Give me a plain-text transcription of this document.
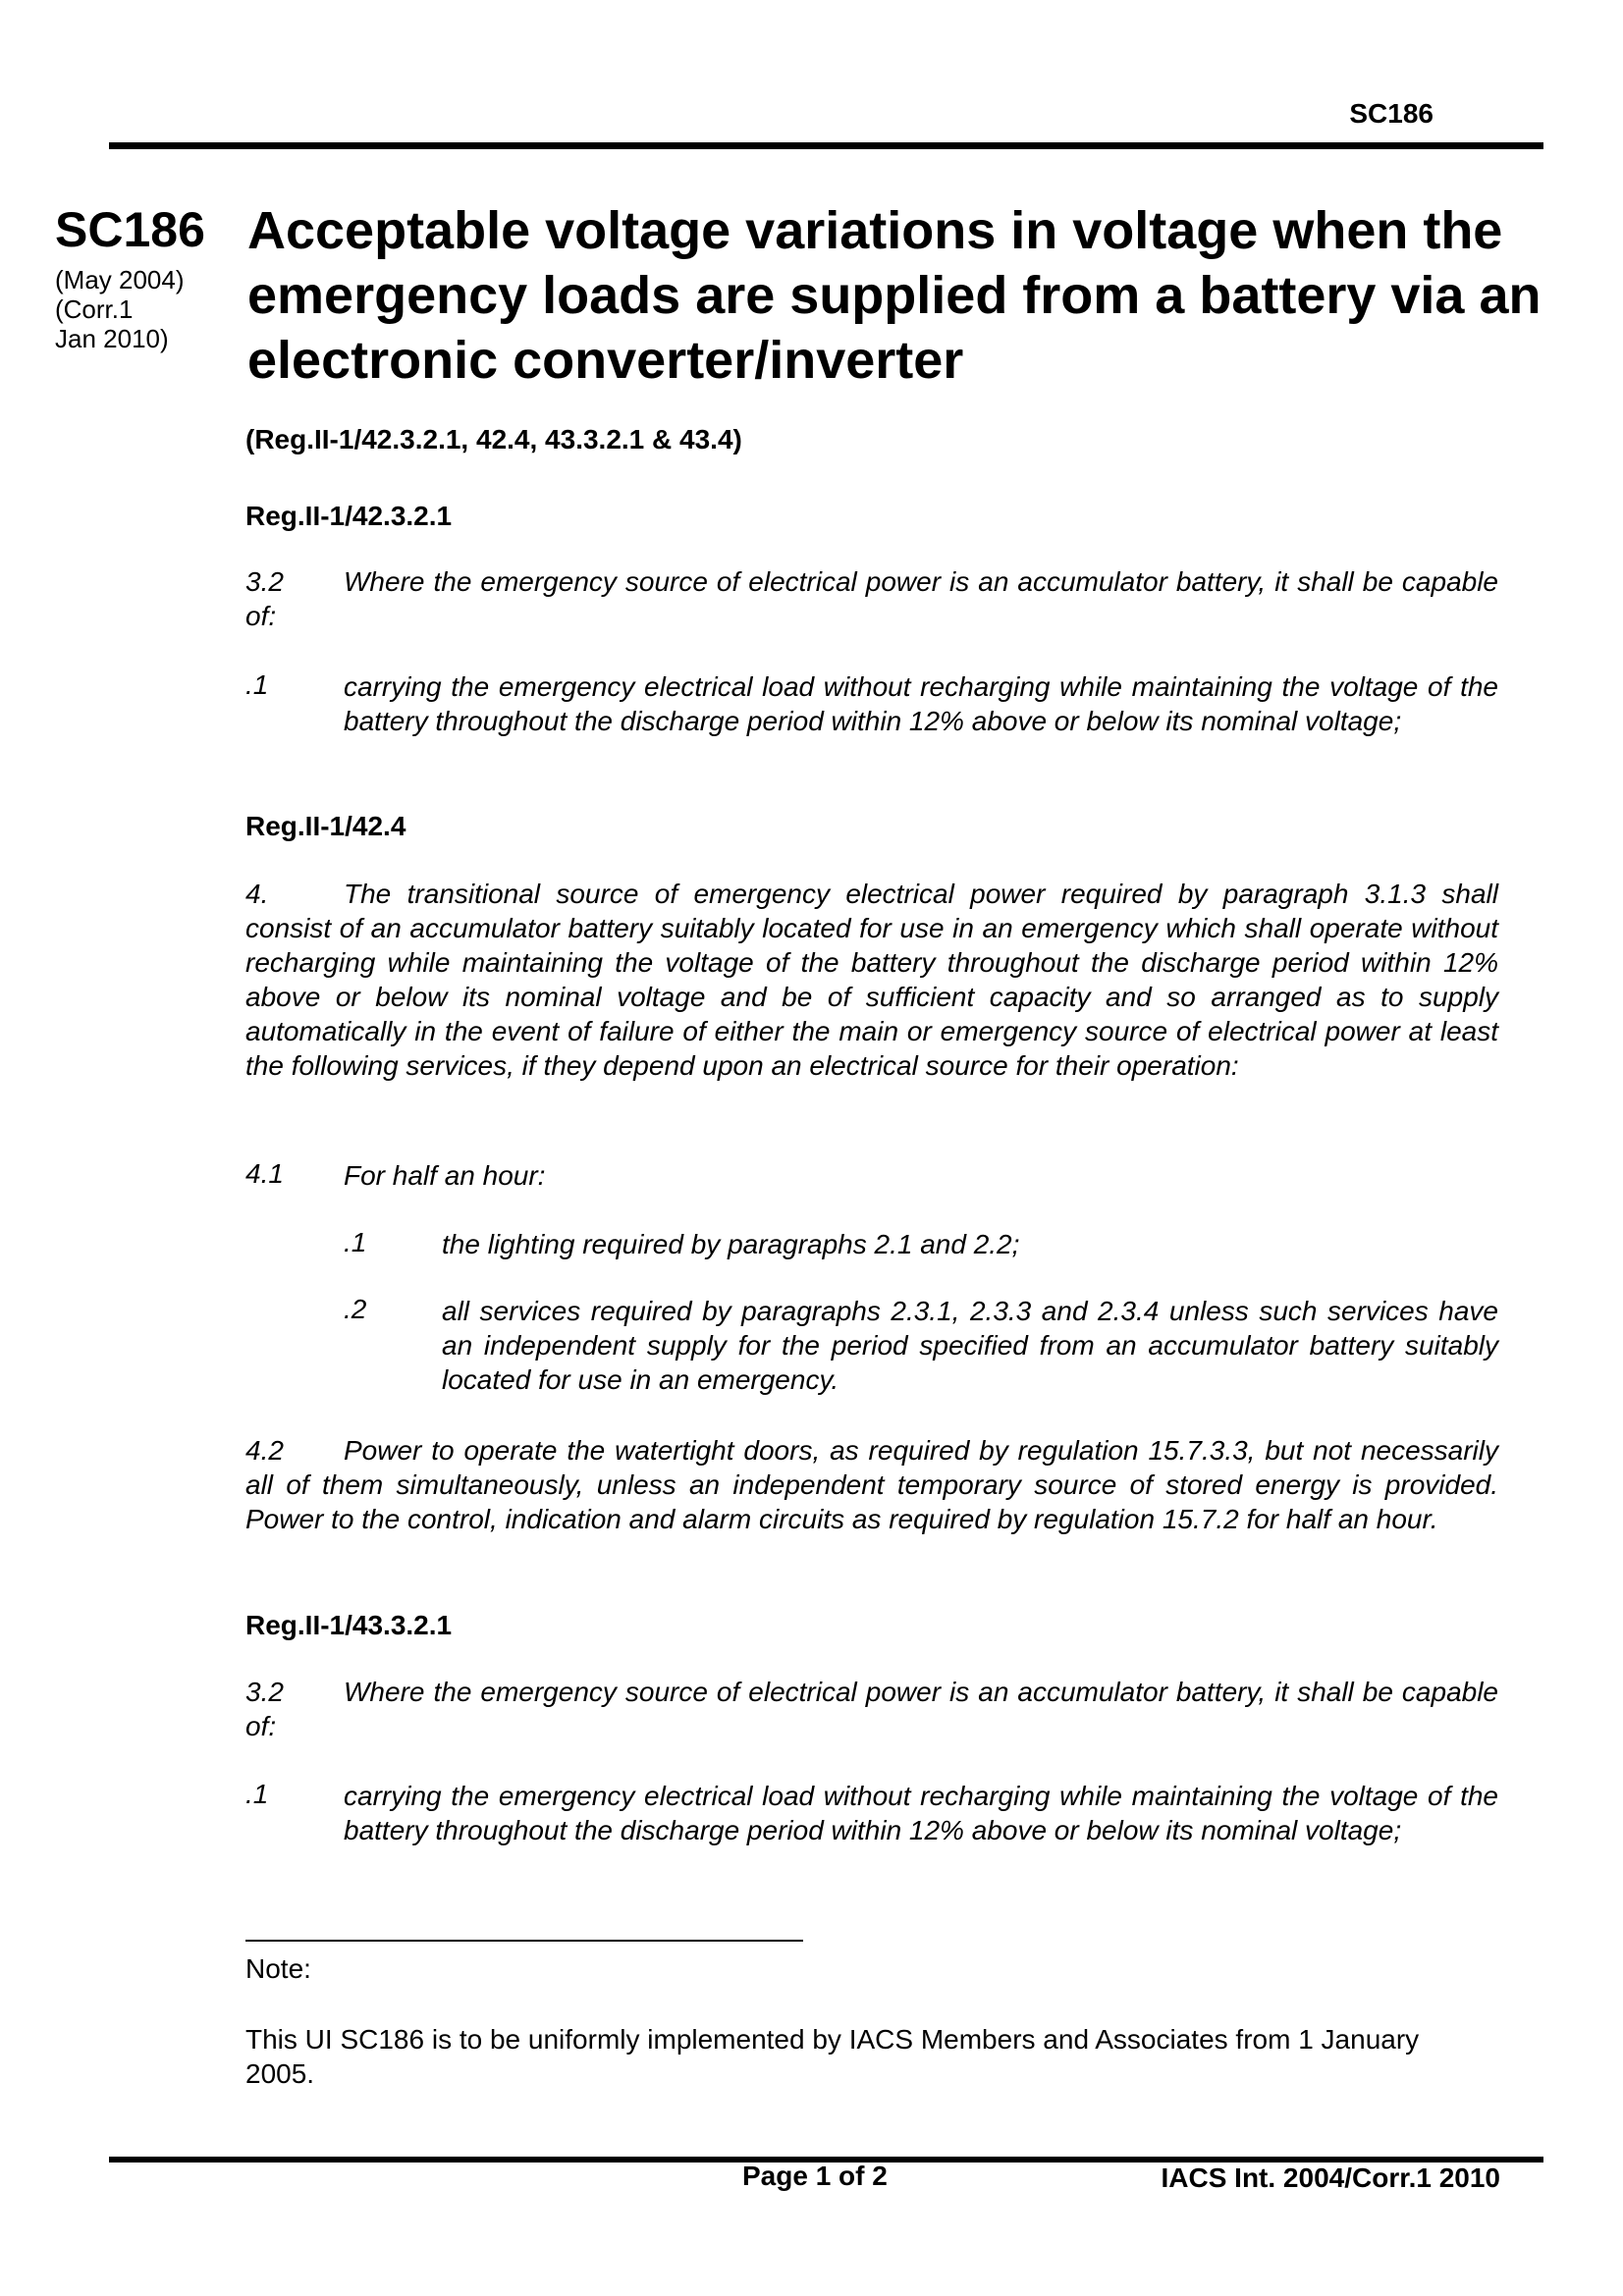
SC186
SC186
(May 2004)
(Corr.1
Jan 2010)
Acceptable voltage variations in voltage when the emergency loads are supplied from a battery via an electronic converter/inverter
(Reg.II-1/42.3.2.1, 42.4, 43.3.2.1 & 43.4)
Reg.II-1/42.3.2.1
3.2 Where the emergency source of electrical power is an accumulator battery, it shall be capable of:
.1	carrying the emergency electrical load without recharging while maintaining the voltage of the battery throughout the discharge period within 12% above or below its nominal voltage;
Reg.II-1/42.4
4.	The transitional source of emergency electrical power required by paragraph 3.1.3 shall consist of an accumulator battery suitably located for use in an emergency which shall operate without recharging while maintaining the voltage of the battery throughout the discharge period within 12% above or below its nominal voltage and be of sufficient capacity and so arranged as to supply automatically in the event of failure of either the main or emergency source of electrical power at least the following services, if they depend upon an electrical source for their operation:
4.1 For half an hour:
.1	the lighting required by paragraphs 2.1 and 2.2;
.2	all services required by paragraphs 2.3.1, 2.3.3 and 2.3.4 unless such services have an independent supply for the period specified from an accumulator battery suitably located for use in an emergency.
4.2 Power to operate the watertight doors, as required by regulation 15.7.3.3, but not necessarily all of them simultaneously, unless an independent temporary source of stored energy is provided. Power to the control, indication and alarm circuits as required by regulation 15.7.2 for half an hour.
Reg.II-1/43.3.2.1
3.2 Where the emergency source of electrical power is an accumulator battery, it shall be capable of:
.1	carrying the emergency electrical load without recharging while maintaining the voltage of the battery throughout the discharge period within 12% above or below its nominal voltage;
Note:
This UI SC186 is to be uniformly implemented by IACS Members and Associates from 1 January 2005.
Page 1 of 2	IACS Int. 2004/Corr.1 2010
